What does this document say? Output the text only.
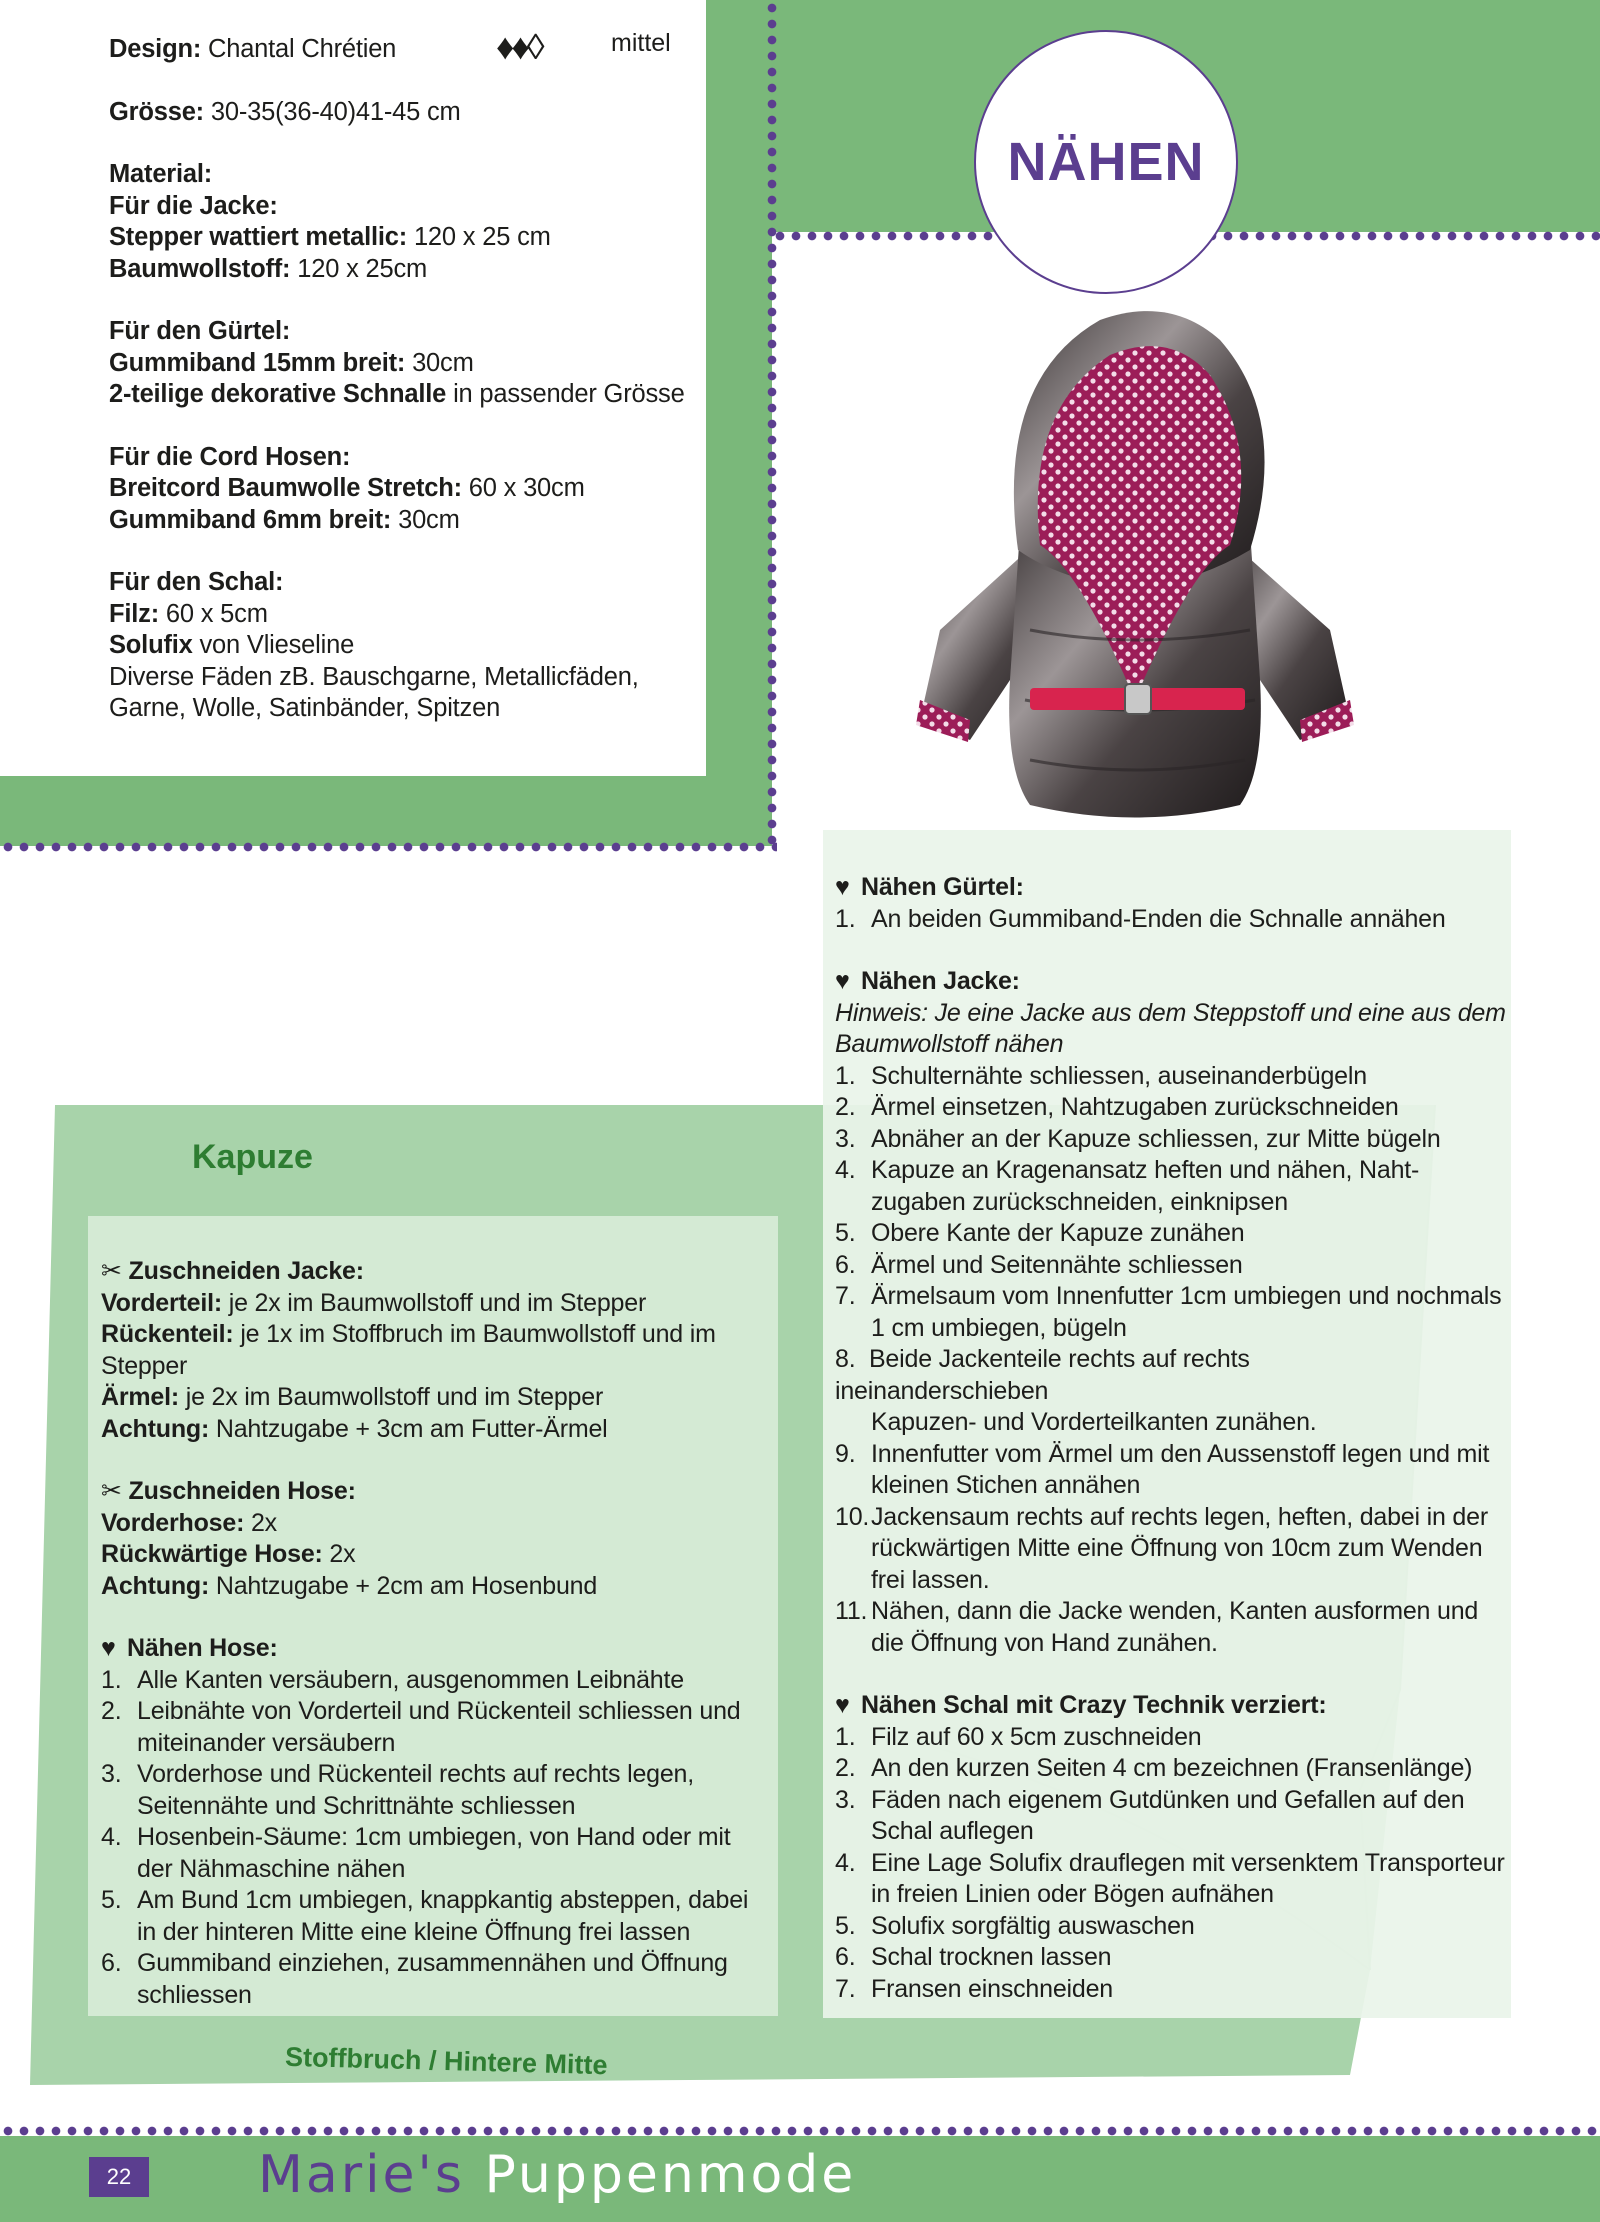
Design: Chantal Chrétien

Grösse: 30-35(36-40)41-45 cm

Material:

Für die Jacke:

Stepper wattiert metallic: 120 x 25 cm

Baumwollstoff: 120 x 25cm

Für den Gürtel:

Gummiband 15mm breit: 30cm

2-teilige dekorative Schnalle in passender Grösse

Für die Cord Hosen:

Breitcord Baumwolle Stretch: 60 x 30cm

Gummiband 6mm breit: 30cm

Für den Schal:

Filz: 60 x 5cm

Solufix von Vlieseline

Diverse Fäden zB. Bauschgarne, Metallicfäden,

Garne, Wolle, Satinbänder, Spitzen

♦♦◊	mittel
NÄHEN
Kapuze
Stoffbruch / Hintere Mitte

✂ Zuschneiden Jacke:

Vorderteil: je 2x im Baumwollstoff und im Stepper

Rückenteil: je 1x im Stoffbruch im Baumwollstoff und im Stepper

Ärmel: je 2x im Baumwollstoff und im Stepper

Achtung: Nahtzugabe + 3cm am Futter-Ärmel

✂ Zuschneiden Hose:

Vorderhose: 2x

Rückwärtige Hose: 2x

Achtung: Nahtzugabe + 2cm am Hosenbund

♥ Nähen Hose:

1. Alle Kanten versäubern, ausgenommen Leibnähte
2. Leibnähte von Vorderteil und Rückenteil schliessen und miteinander versäubern
3. Vorderhose und Rückenteil rechts auf rechts legen, Seitennähte und Schrittnähte schliessen
4. Hosenbein-Säume: 1cm umbiegen, von Hand oder mit der Nähmaschine nähen
5. Am Bund 1cm umbiegen, knappkantig absteppen, dabei in der hinteren Mitte eine kleine Öffnung frei lassen
6. Gummiband einziehen, zusammennähen und Öffnung schliessen

♥ Nähen Gürtel:

1. An beiden Gummiband-Enden die Schnalle annähen

♥ Nähen Jacke:

Hinweis: Je eine Jacke aus dem Steppstoff und eine aus dem Baumwollstoff nähen

1. Schulternähte schliessen, auseinanderbügeln
2. Ärmel einsetzen, Nahtzugaben zurückschneiden
3. Abnäher an der Kapuze schliessen, zur Mitte bügeln
4. Kapuze an Kragenansatz heften und nähen, Naht-zugaben zurückschneiden, einknipsen
5. Obere Kante der Kapuze zunähen
6. Ärmel und Seitennähte schliessen
7. Ärmelsaum vom Innenfutter 1cm umbiegen und nochmals 1 cm umbiegen, bügeln

8. Beide Jackenteile rechts auf rechts

ineinanderschieben

Kapuzen- und Vorderteilkanten zunähen.

9. Innenfutter vom Ärmel um den Aussenstoff legen und mit kleinen Stichen annähen
10. Jackensaum rechts auf rechts legen, heften, dabei in der rückwärtigen Mitte eine Öffnung von 10cm zum Wenden frei lassen.
11. Nähen, dann die Jacke wenden, Kanten ausformen und die Öffnung von Hand zunähen.

♥ Nähen Schal mit Crazy Technik verziert:

1. Filz auf 60 x 5cm zuschneiden
2. An den kurzen Seiten 4 cm bezeichnen (Fransenlänge)
3. Fäden nach eigenem Gutdünken und Gefallen auf den Schal auflegen
4. Eine Lage Solufix drauflegen mit versenktem Transporteur in freien Linien oder Bögen aufnähen
5. Solufix sorgfältig auswaschen
6. Schal trocknen lassen
7. Fransen einschneiden
22 Marie's Puppenmode
